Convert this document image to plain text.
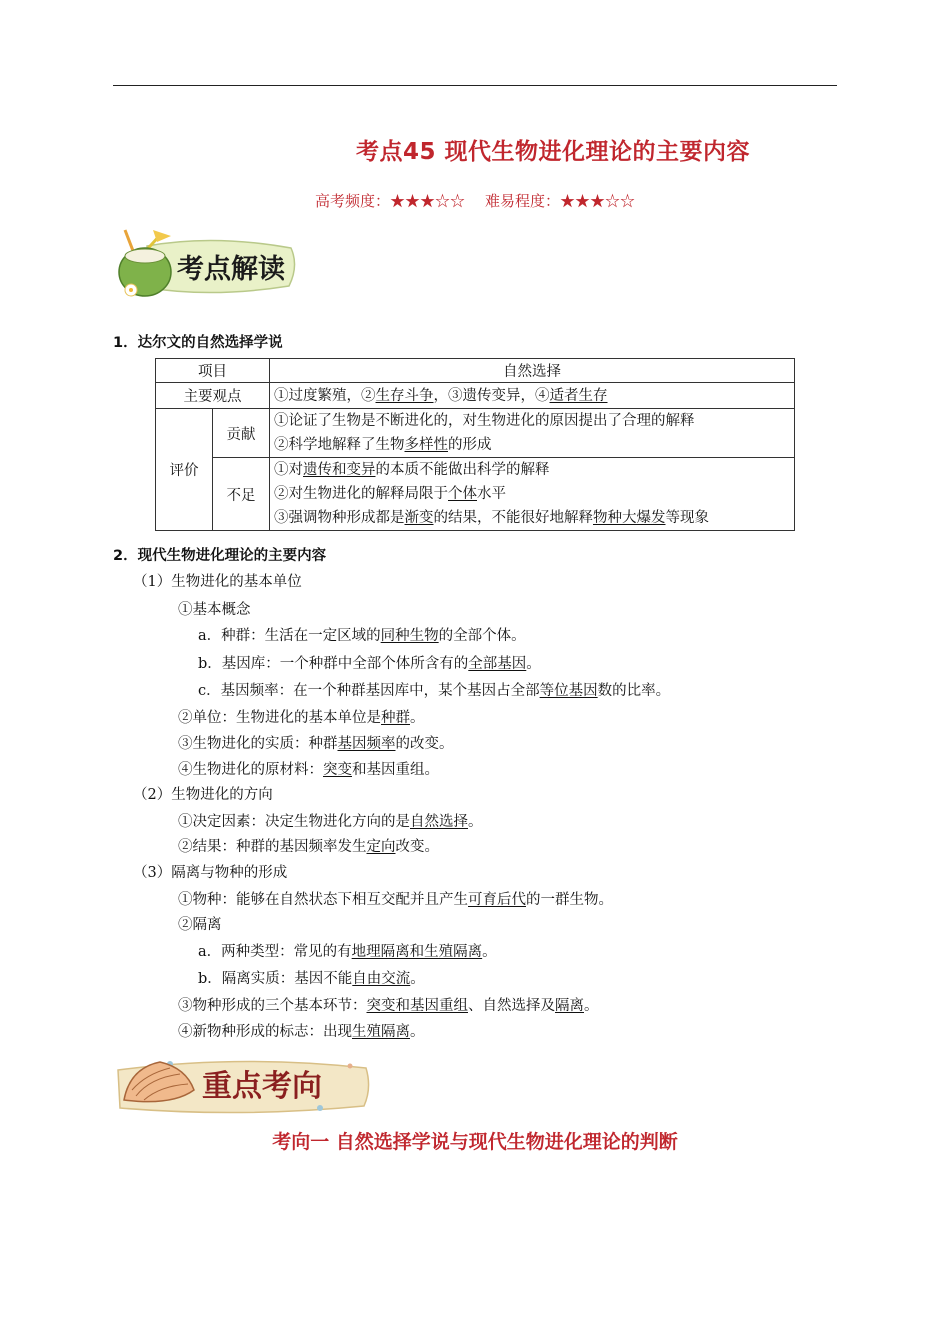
考点45 现代生物进化理论的主要内容
高考频度：★★★☆☆ 难易程度：★★★☆☆
考点解读
1．达尔文的自然选择学说
项目		自然选择
主要观点		①过度繁殖，②生存斗争，③遗传变异，④适者生存

评价	贡献	①论证了生物是不断进化的，对生物进化的原因提出了合理的解释
②科学地解释了生物多样性的形成

	不足	①对遗传和变异的本质不能做出科学的解释
②对生物进化的解释局限于个体水平
③强调物种形成都是渐变的结果，不能很好地解释物种大爆发等现象
2．现代生物进化理论的主要内容
（1）生物进化的基本单位
①基本概念
a．种群：生活在一定区域的同种生物的全部个体。
b．基因库：一个种群中全部个体所含有的全部基因。
c．基因频率：在一个种群基因库中，某个基因占全部等位基因数的比率。
②单位：生物进化的基本单位是种群。
③生物进化的实质：种群基因频率的改变。
④生物进化的原材料：突变和基因重组。
（2）生物进化的方向
①决定因素：决定生物进化方向的是自然选择。
②结果：种群的基因频率发生定向改变。
（3）隔离与物种的形成
①物种：能够在自然状态下相互交配并且产生可育后代的一群生物。
②隔离
a．两种类型：常见的有地理隔离和生殖隔离。
b．隔离实质：基因不能自由交流。
③物种形成的三个基本环节：突变和基因重组、自然选择及隔离。
④新物种形成的标志：出现生殖隔离。
重点考向
考向一 自然选择学说与现代生物进化理论的判断
